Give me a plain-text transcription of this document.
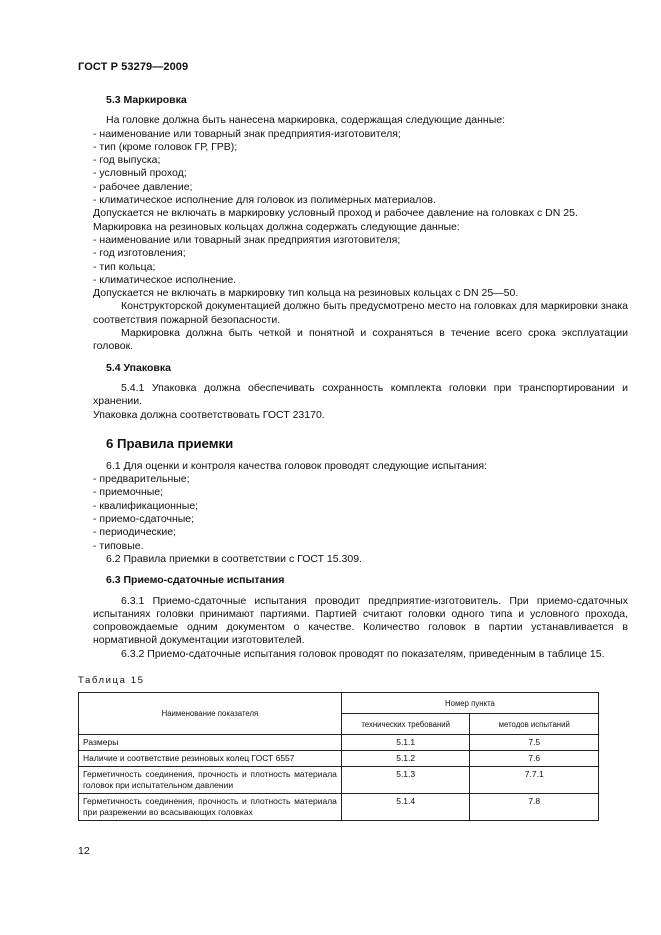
ГОСТ Р 53279—2009
5.3 Маркировка

На головке должна быть нанесена маркировка, содержащая следующие данные:

- наименование или товарный знак предприятия-изготовителя;

- тип (кроме головок ГР, ГРВ);

- год выпуска;

- условный проход;

- рабочее давление;

- климатическое исполнение для головок из полимерных материалов.

Допускается не включать в маркировку условный проход и рабочее давление на головках с DN 25.

Маркировка на резиновых кольцах должна содержать следующие данные:

- наименование или товарный знак предприятия изготовителя;

- год изготовления;

- тип кольца;

- климатическое исполнение.

Допускается не включать в маркировку тип кольца на резиновых кольцах с DN 25—50.

Конструкторской документацией должно быть предусмотрено место на головках для маркировки знака соответствия пожарной безопасности.

Маркировка должна быть четкой и понятной и сохраняться в течение всего срока эксплуатации головок.

5.4 Упаковка

5.4.1 Упаковка должна обеспечивать сохранность комплекта головки при транспортировании и хранении.

Упаковка должна соответствовать ГОСТ 23170.

6 Правила приемки

6.1 Для оценки и контроля качества головок проводят следующие испытания:

- предварительные;

- приемочные;

- квалификационные;

- приемо-сдаточные;

- периодические;

- типовые.

6.2 Правила приемки в соответствии с ГОСТ 15.309.

6.3 Приемо-сдаточные испытания

6.3.1 Приемо-сдаточные испытания проводит предприятие-изготовитель. При приемо-сдаточных испытаниях головки принимают партиями. Партией считают головки одного типа и условного прохода, сопровождаемые одним документом о качестве. Количество головок в партии устанавливается в нормативной документации изготовителей.

6.3.2 Приемо-сдаточные испытания головок проводят по показателям, приведенным в таблице 15.

Таблица 15
Наименование показателя	Номер пункта	
	технических требований	методов испытаний
Размеры	5.1.1	7.5
Наличие и соответствие резиновых колец ГОСТ 6557	5.1.2	7.6
Герметичность соединения, прочность и плотность материала головок при испытательном давлении	5.1.3	7.7.1
Герметичность соединения, прочность и плотность материала при разрежении во всасывающих головках	5.1.4	7.8
12
